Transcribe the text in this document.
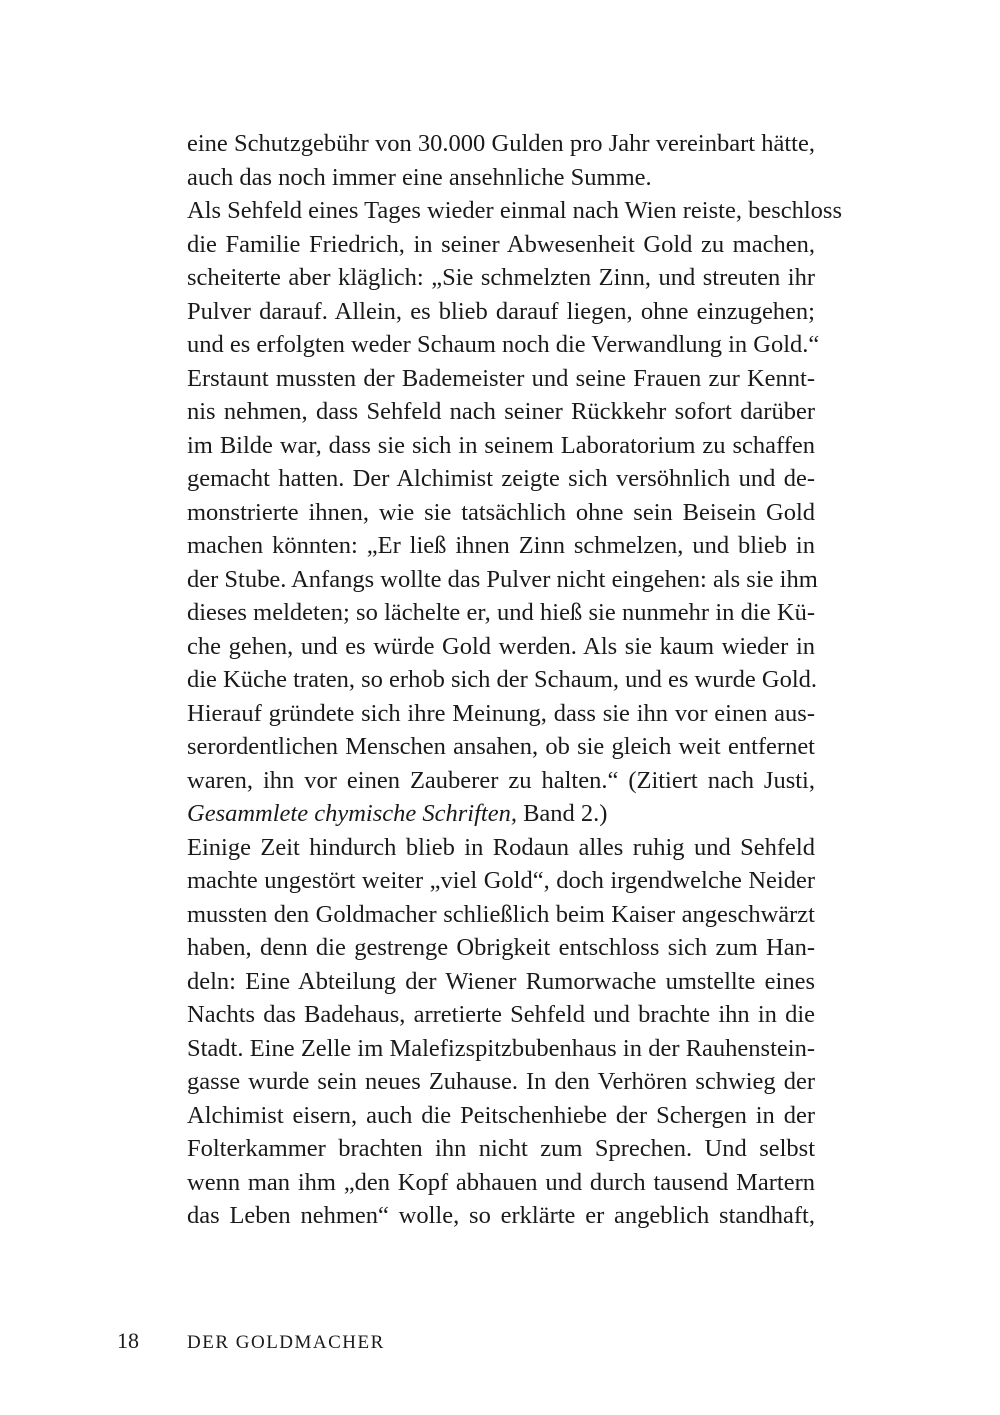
eine Schutzgebühr von 30.000 Gulden pro Jahr vereinbart hätte,
auch das noch immer eine ansehnliche Summe.
Als Sehfeld eines Tages wieder einmal nach Wien reiste, beschloss
die Familie Friedrich, in seiner Abwesenheit Gold zu machen,
scheiterte aber kläglich: „Sie schmelzten Zinn, und streuten ihr
Pulver darauf. Allein, es blieb darauf liegen, ohne einzugehen;
und es erfolgten weder Schaum noch die Verwandlung in Gold.“
Erstaunt mussten der Bademeister und seine Frauen zur Kennt-
nis nehmen, dass Sehfeld nach seiner Rückkehr sofort darüber
im Bilde war, dass sie sich in seinem Laboratorium zu schaffen
gemacht hatten. Der Alchimist zeigte sich versöhnlich und de-
monstrierte ihnen, wie sie tatsächlich ohne sein Beisein Gold
machen könnten: „Er ließ ihnen Zinn schmelzen, und blieb in
der Stube. Anfangs wollte das Pulver nicht eingehen: als sie ihm
dieses meldeten; so lächelte er, und hieß sie nunmehr in die Kü-
che gehen, und es würde Gold werden. Als sie kaum wieder in
die Küche traten, so erhob sich der Schaum, und es wurde Gold.
Hierauf gründete sich ihre Meinung, dass sie ihn vor einen aus-
serordentlichen Menschen ansahen, ob sie gleich weit entfernet
waren, ihn vor einen Zauberer zu halten.“ (Zitiert nach Justi,
Gesammlete chymische Schriften, Band 2.)
Einige Zeit hindurch blieb in Rodaun alles ruhig und Sehfeld
machte ungestört weiter „viel Gold“, doch irgendwelche Neider
mussten den Goldmacher schließlich beim Kaiser angeschwärzt
haben, denn die gestrenge Obrigkeit entschloss sich zum Han-
deln: Eine Abteilung der Wiener Rumorwache umstellte eines
Nachts das Badehaus, arretierte Sehfeld und brachte ihn in die
Stadt. Eine Zelle im Malefizspitzbubenhaus in der Rauhenstein-
gasse wurde sein neues Zuhause. In den Verhören schwieg der
Alchimist eisern, auch die Peitschenhiebe der Schergen in der
Folterkammer brachten ihn nicht zum Sprechen. Und selbst
wenn man ihm „den Kopf abhauen und durch tausend Martern
das Leben nehmen“ wolle, so erklärte er angeblich standhaft,
18	DER GOLDMACHER
